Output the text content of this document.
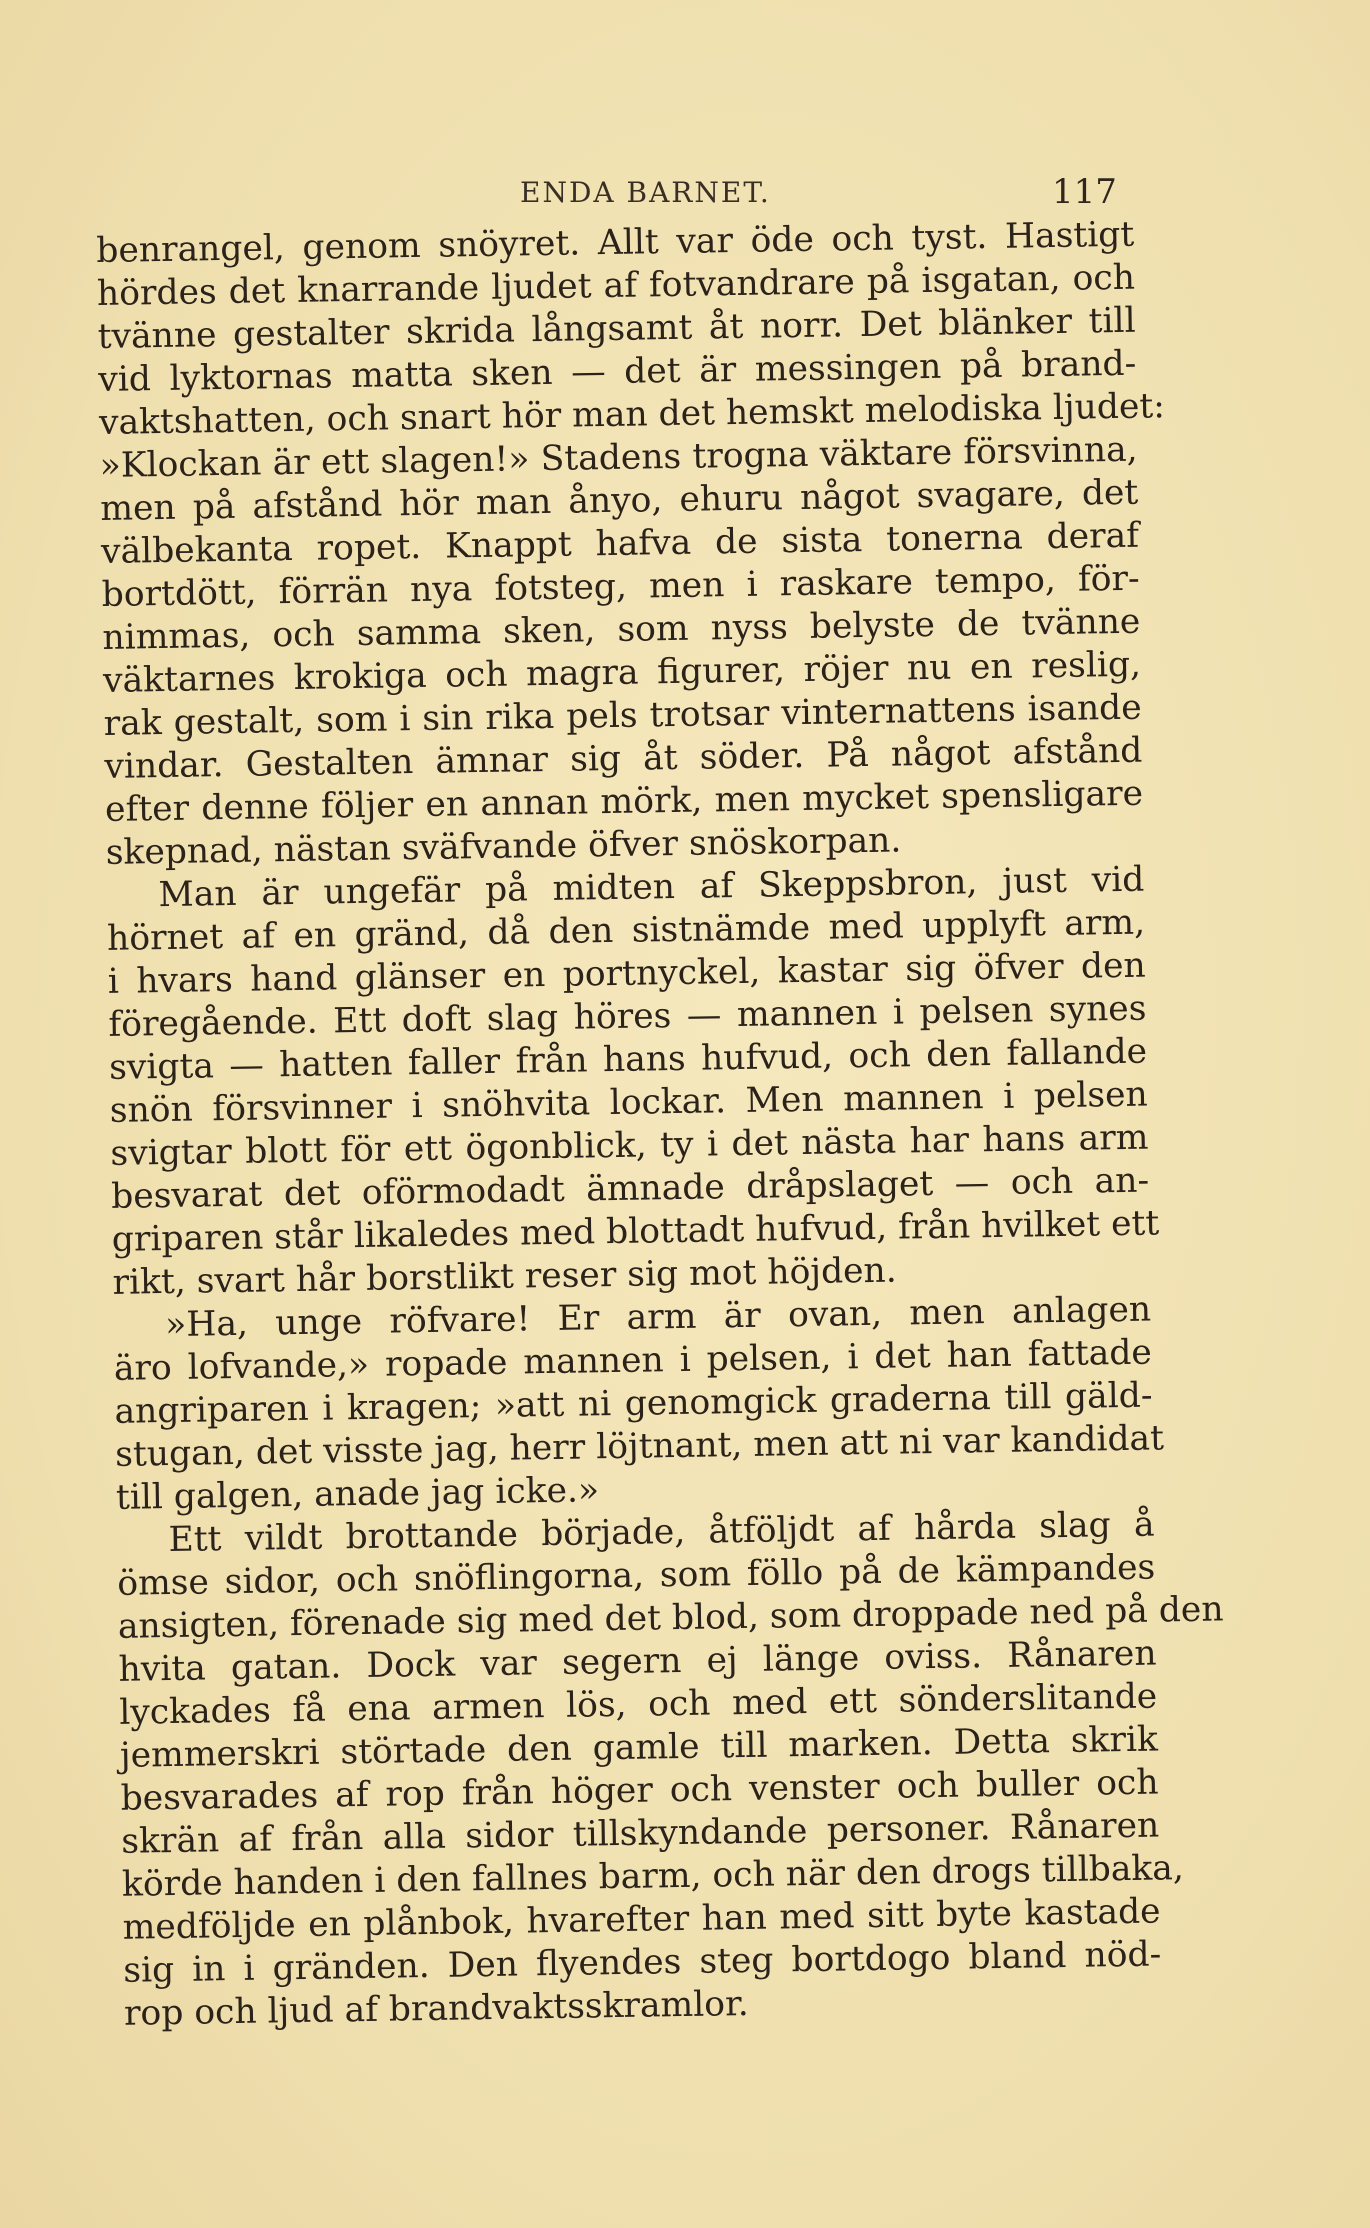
ENDA BARNET.	117
benrangel, genom snöyret. Allt var öde och tyst. Hastigt
hördes det knarrande ljudet af fotvandrare på isgatan, och
tvänne gestalter skrida långsamt åt norr. Det blänker till
vid lyktornas matta sken — det är messingen på brand-
vaktshatten, och snart hör man det hemskt melodiska ljudet:
»Klockan är ett slagen!» Stadens trogna väktare försvinna,
men på afstånd hör man ånyo, ehuru något svagare, det
välbekanta ropet. Knappt hafva de sista tonerna deraf
bortdött, förrän nya fotsteg, men i raskare tempo, för-
nimmas, och samma sken, som nyss belyste de tvänne
väktarnes krokiga och magra figurer, röjer nu en reslig,
rak gestalt, som i sin rika pels trotsar vinternattens isande
vindar. Gestalten ämnar sig åt söder. På något afstånd
efter denne följer en annan mörk, men mycket spensligare
skepnad, nästan sväfvande öfver snöskorpan.
Man är ungefär på midten af Skeppsbron, just vid
hörnet af en gränd, då den sistnämde med upplyft arm,
i hvars hand glänser en portnyckel, kastar sig öfver den
föregående. Ett doft slag höres — mannen i pelsen synes
svigta — hatten faller från hans hufvud, och den fallande
snön försvinner i snöhvita lockar. Men mannen i pelsen
svigtar blott för ett ögonblick, ty i det nästa har hans arm
besvarat det oförmodadt ämnade dråpslaget — och an-
griparen står likaledes med blottadt hufvud, från hvilket ett
rikt, svart hår borstlikt reser sig mot höjden.
»Ha, unge röfvare! Er arm är ovan, men anlagen
äro lofvande,» ropade mannen i pelsen, i det han fattade
angriparen i kragen; »att ni genomgick graderna till gäld-
stugan, det visste jag, herr löjtnant, men att ni var kandidat
till galgen, anade jag icke.»
Ett vildt brottande började, åtföljdt af hårda slag å
ömse sidor, och snöflingorna, som föllo på de kämpandes
ansigten, förenade sig med det blod, som droppade ned på den
hvita gatan. Dock var segern ej länge oviss. Rånaren
lyckades få ena armen lös, och med ett sönderslitande
jemmerskri störtade den gamle till marken. Detta skrik
besvarades af rop från höger och venster och buller och
skrän af från alla sidor tillskyndande personer. Rånaren
körde handen i den fallnes barm, och när den drogs tillbaka,
medföljde en plånbok, hvarefter han med sitt byte kastade
sig in i gränden. Den flyendes steg bortdogo bland nöd-
rop och ljud af brandvaktsskramlor.
